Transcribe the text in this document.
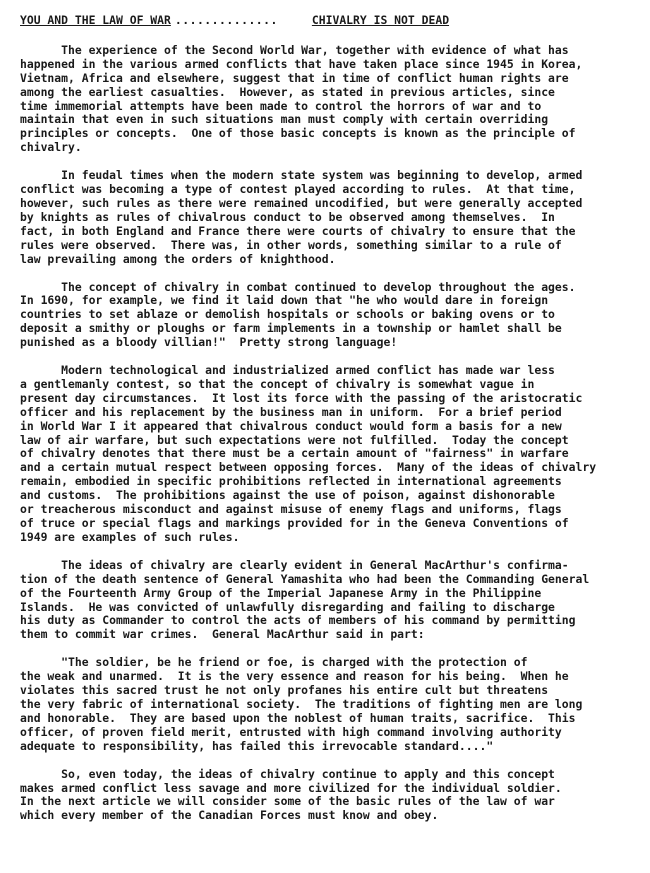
YOU AND THE LAW OF WAR ..............	CHIVALRY IS NOT DEAD

The experience of the Second World War, together with evidence of what has
happened in the various armed conflicts that have taken place since 1945 in Korea,
Vietnam, Africa and elsewhere, suggest that in time of conflict human rights are
among the earliest casualties.  However, as stated in previous articles, since
time immemorial attempts have been made to control the horrors of war and to
maintain that even in such situations man must comply with certain overriding
principles or concepts.  One of those basic concepts is known as the principle of
chivalry.

In feudal times when the modern state system was beginning to develop, armed
conflict was becoming a type of contest played according to rules.  At that time,
however, such rules as there were remained uncodified, but were generally accepted
by knights as rules of chivalrous conduct to be observed among themselves.  In
fact, in both England and France there were courts of chivalry to ensure that the
rules were observed.  There was, in other words, something similar to a rule of
law prevailing among the orders of knighthood.

The concept of chivalry in combat continued to develop throughout the ages.
In 1690, for example, we find it laid down that "he who would dare in foreign
countries to set ablaze or demolish hospitals or schools or baking ovens or to
deposit a smithy or ploughs or farm implements in a township or hamlet shall be
punished as a bloody villian!"  Pretty strong language!

Modern technological and industrialized armed conflict has made war less
a gentlemanly contest, so that the concept of chivalry is somewhat vague in
present day circumstances.  It lost its force with the passing of the aristocratic
officer and his replacement by the business man in uniform.  For a brief period
in World War I it appeared that chivalrous conduct would form a basis for a new
law of air warfare, but such expectations were not fulfilled.  Today the concept
of chivalry denotes that there must be a certain amount of "fairness" in warfare
and a certain mutual respect between opposing forces.  Many of the ideas of chivalry
remain, embodied in specific prohibitions reflected in international agreements
and customs.  The prohibitions against the use of poison, against dishonorable
or treacherous misconduct and against misuse of enemy flags and uniforms, flags
of truce or special flags and markings provided for in the Geneva Conventions of
1949 are examples of such rules.

The ideas of chivalry are clearly evident in General MacArthur's confirma-
tion of the death sentence of General Yamashita who had been the Commanding General
of the Fourteenth Army Group of the Imperial Japanese Army in the Philippine
Islands.  He was convicted of unlawfully disregarding and failing to discharge
his duty as Commander to control the acts of members of his command by permitting
them to commit war crimes.  General MacArthur said in part:

"The soldier, be he friend or foe, is charged with the protection of
the weak and unarmed.  It is the very essence and reason for his being.  When he
violates this sacred trust he not only profanes his entire cult but threatens
the very fabric of international society.  The traditions of fighting men are long
and honorable.  They are based upon the noblest of human traits, sacrifice.  This
officer, of proven field merit, entrusted with high command involving authority
adequate to responsibility, has failed this irrevocable standard...."

So, even today, the ideas of chivalry continue to apply and this concept
makes armed conflict less savage and more civilized for the individual soldier.
In the next article we will consider some of the basic rules of the law of war
which every member of the Canadian Forces must know and obey.
